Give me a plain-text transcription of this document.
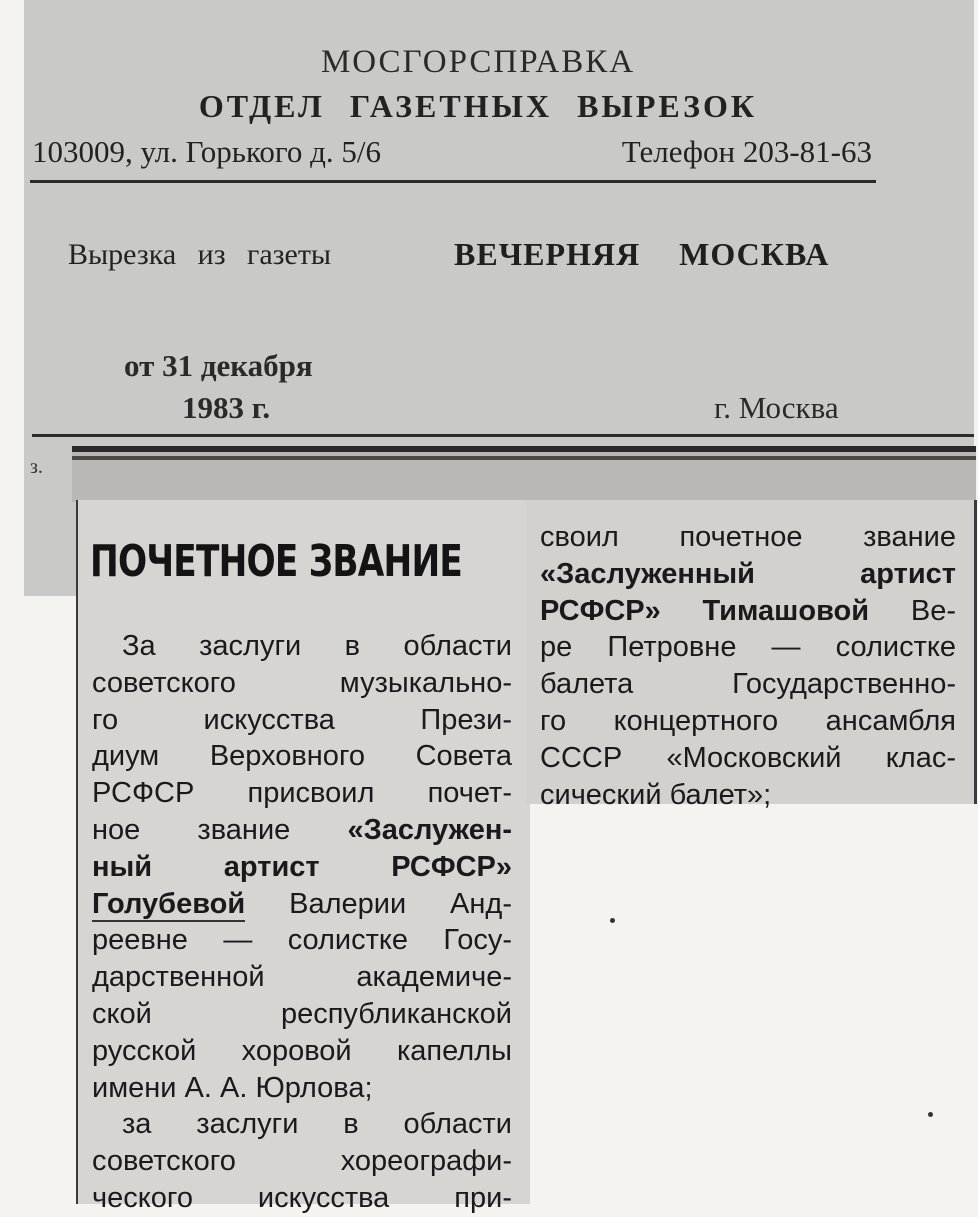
МОСГОРСПРАВКА
ОТДЕЛ ГАЗЕТНЫХ ВЫРЕЗОК
103009, ул. Горького д. 5/6	Телефон 203-81-63
Вырезка из газеты	ВЕЧЕРНЯЯ МОСКВА
от 31 декабря
1983 г.	г. Москва
з.
ПОЧЕТНОЕ ЗВАНИЕ
За заслуги в области
советского музыкально-
го искусства Прези-
диум Верховного Совета
РСФСР присвоил почет-
ное звание «Заслужен-
ный артист РСФСР»
Голубевой Валерии Анд-
реевне — солистке Госу-
дарственной академиче-
ской республиканской
русской хоровой капеллы
имени А. А. Юрлова;
за заслуги в области
советского хореографи-
ческого искусства при-
своил почетное звание
«Заслуженный артист
РСФСР» Тимашовой Ве-
ре Петровне — солистке
балета Государственно-
го концертного ансамбля
СССР «Московский клас-
сический балет»;
